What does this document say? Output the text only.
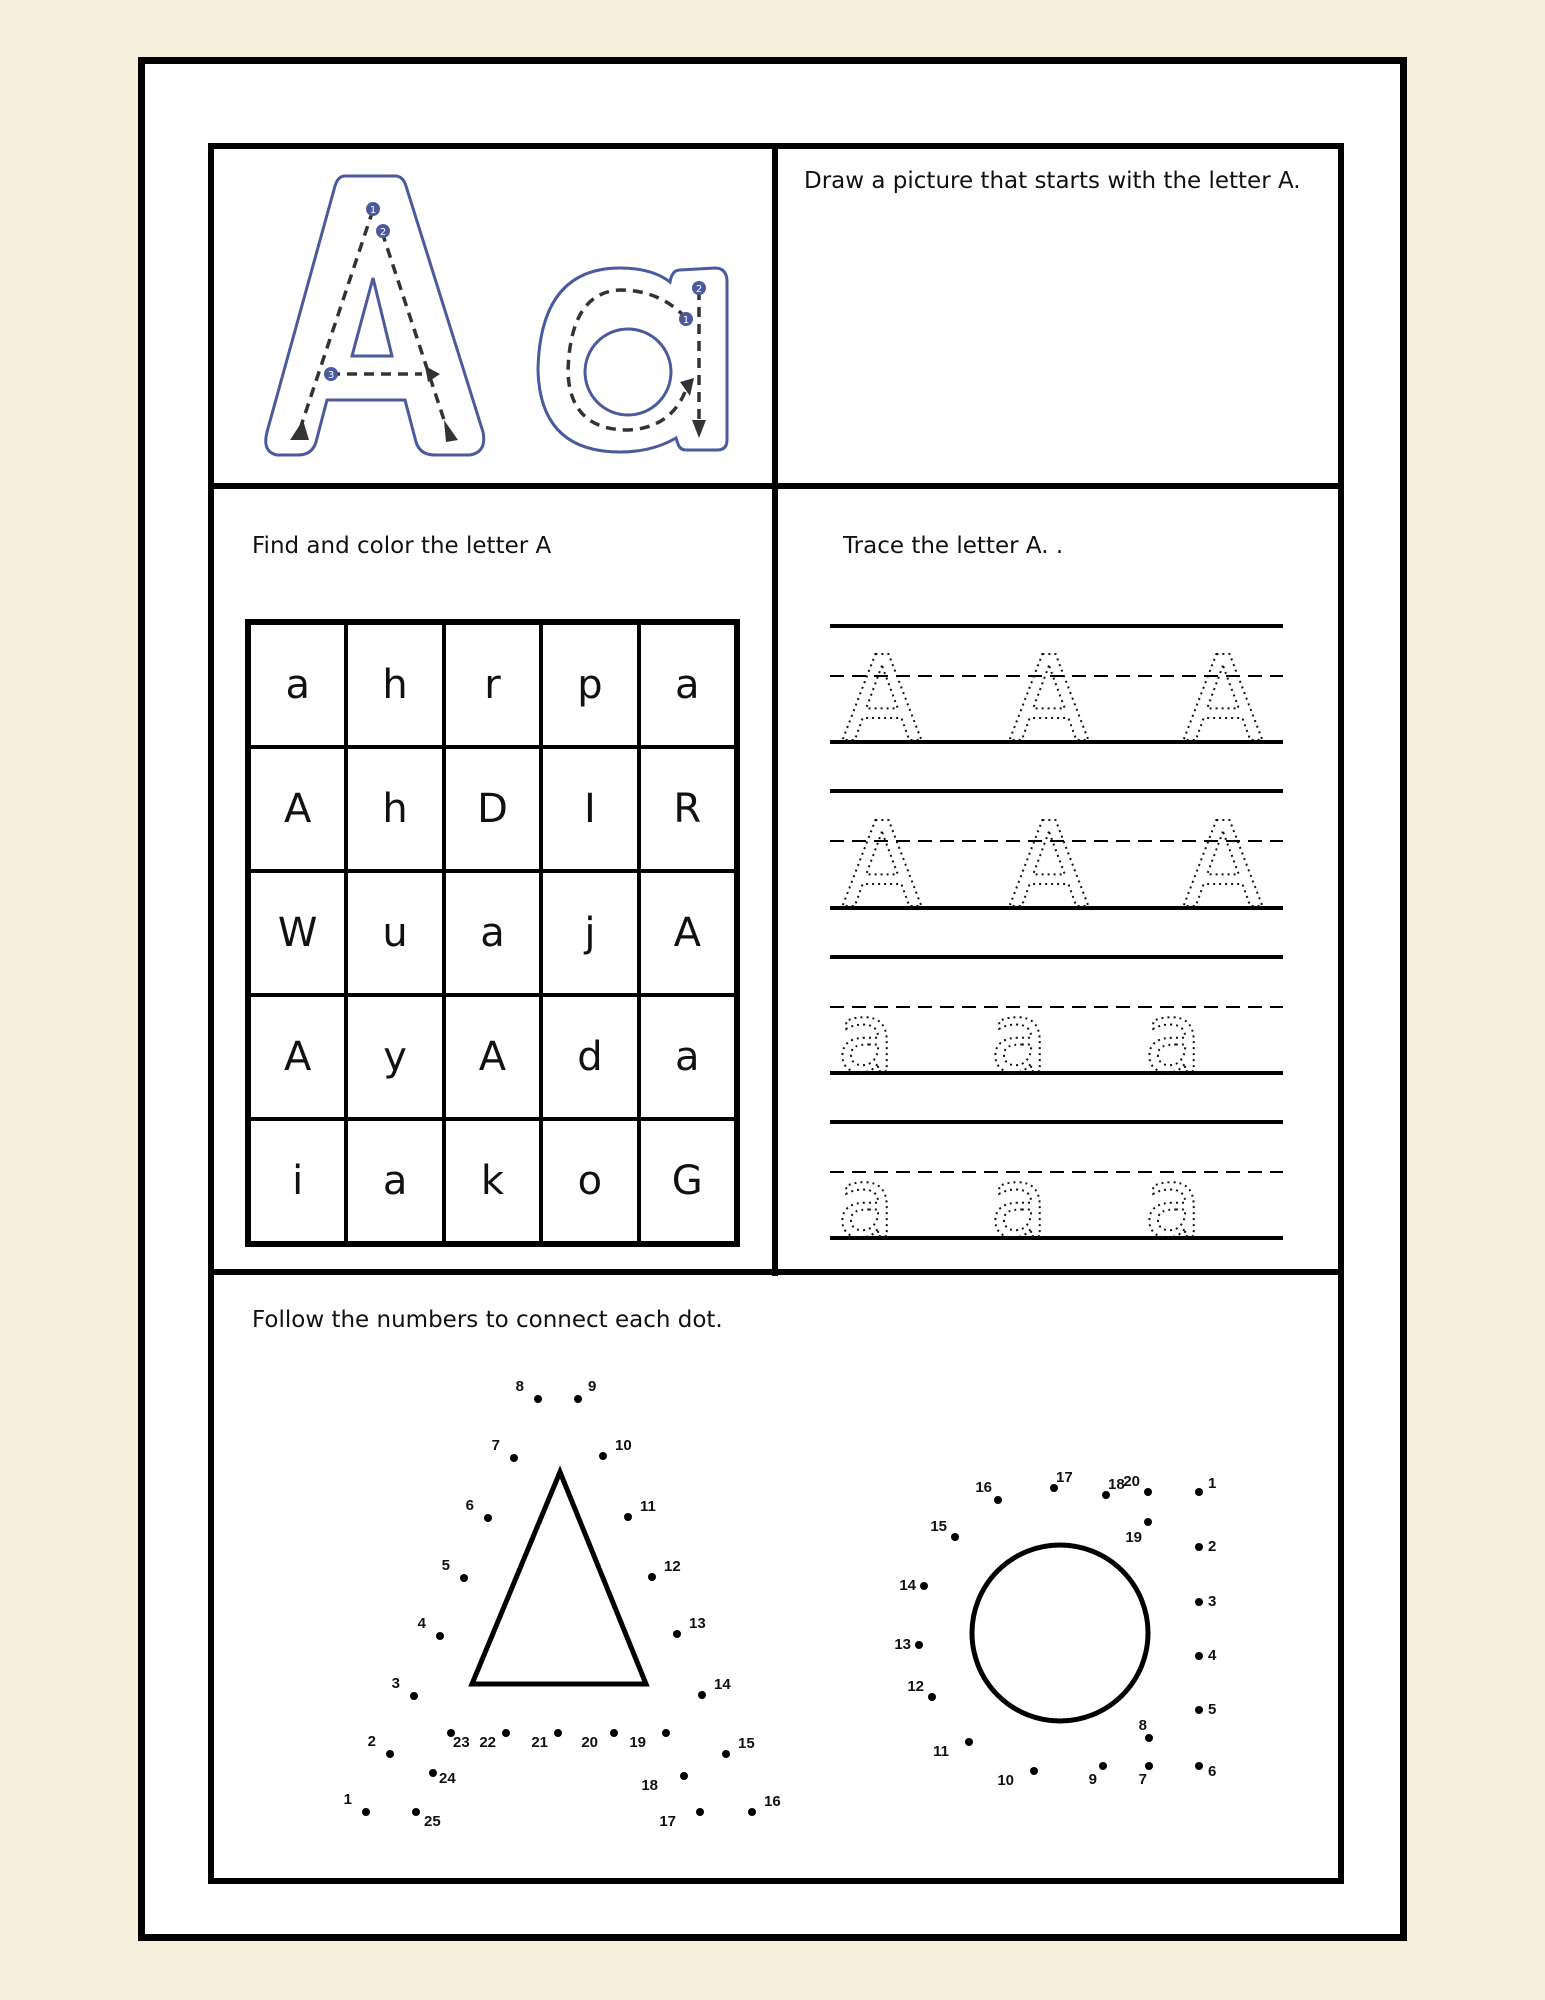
1
2
3
1
2
Draw a picture that starts with the letter A.
Find and color the letter A	Trace the letter A. .
Follow the numbers to connect each dot.
a	h	r	p	a
A	h	D	I	R
W	u	a	j	A
A	y	A	d	a
i	a	k	o	G
A A A
A A A
a a a
a a a
1
2
3
4
5
6
7
8	9
10
11
12
13
14
15
16
17
18
19
20
21
22
23
24
25
1
2
3
4
5
6
7
8
9
10
11
12
13
14
15
16
17 18
19
20
